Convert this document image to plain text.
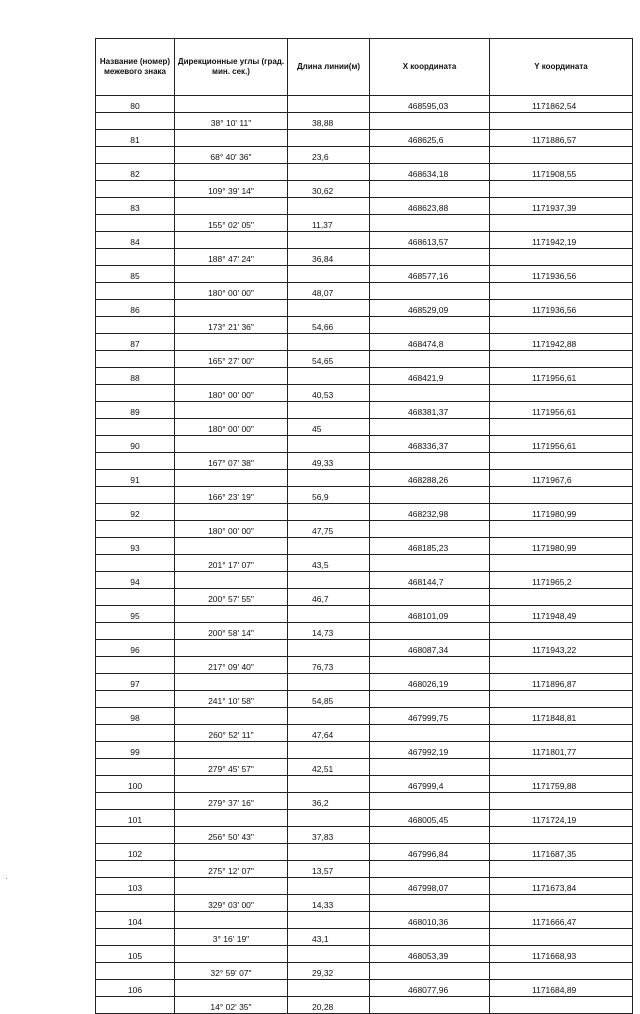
Название (номер) межевого знака	Дирекционные углы (град. мин. сек.)	Длина линии(м)	X координата	Y координата
80			468595,03	1171862,54
	38° 10' 11"	38,88		
81			468625,6	1171886,57
	68° 40' 36"	23,6		
82			468634,18	1171908,55
	109° 39' 14"	30,62		
83			468623,88	1171937,39
	155° 02' 05"	11,37		
84			468613,57	1171942,19
	188° 47' 24"	36,84		
85			468577,16	1171936,56
	180° 00' 00"	48,07		
86			468529,09	1171936,56
	173° 21' 36"	54,66		
87			468474,8	1171942,88
	165° 27' 00"	54,65		
88			468421,9	1171956,61
	180° 00' 00"	40,53		
89			468381,37	1171956,61
	180° 00' 00"	45		
90			468336,37	1171956,61
	167° 07' 38"	49,33		
91			468288,26	1171967,6
	166° 23' 19"	56,9		
92			468232,98	1171980,99
	180° 00' 00"	47,75		
93			468185,23	1171980,99
	201° 17' 07"	43,5		
94			468144,7	1171965,2
	200° 57' 55"	46,7		
95			468101,09	1171948,49
	200° 58' 14"	14,73		
96			468087,34	1171943,22
	217° 09' 40"	76,73		
97			468026,19	1171896,87
	241° 10' 58"	54,85		
98			467999,75	1171848,81
	260° 52' 11"	47,64		
99			467992,19	1171801,77
	279° 45' 57"	42,51		
100			467999,4	1171759,88
	279° 37' 16"	36,2		
101			468005,45	1171724,19
	256° 50' 43"	37,83		
102			467996,84	1171687,35
	275° 12' 07"	13,57		
103			467998,07	1171673,84
	329° 03' 00"	14,33		
104			468010,36	1171666,47
	3° 16' 19"	43,1		
105			468053,39	1171668,93
	32° 59' 07"	29,32		
106			468077,96	1171684,89
	14° 02' 35"	20,28		
